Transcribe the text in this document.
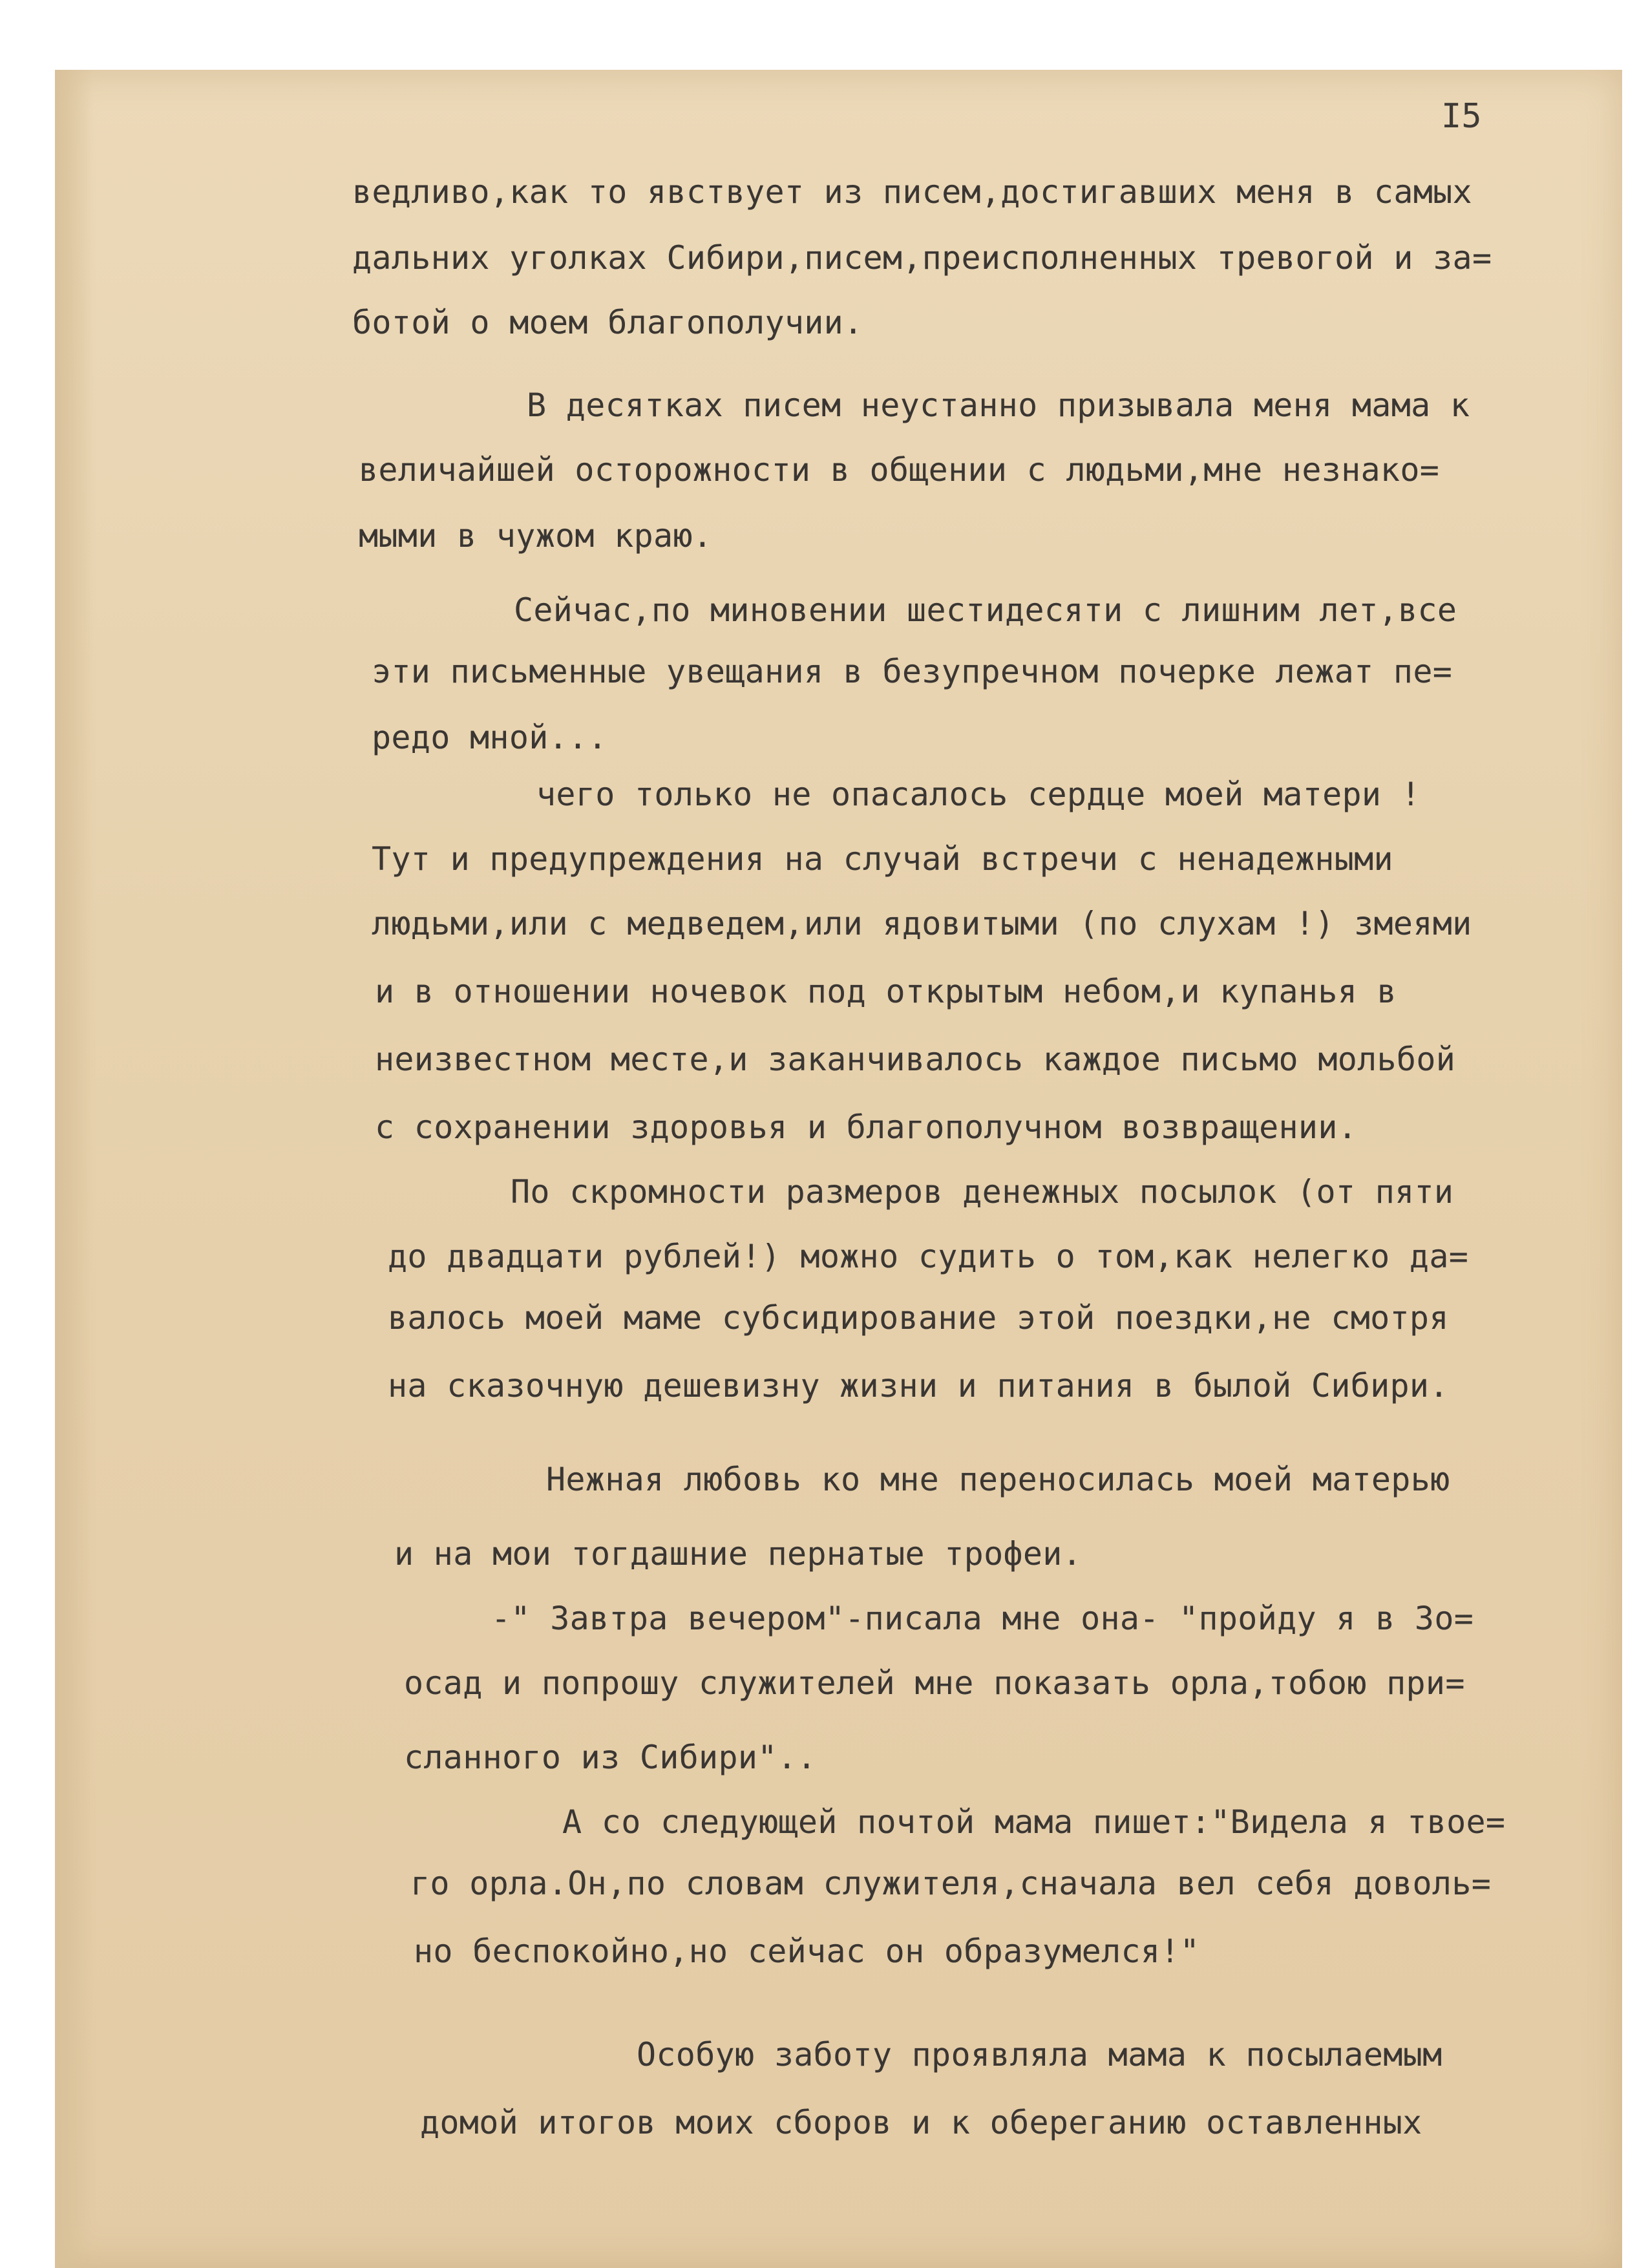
I5

ведливо,как то явствует из писем,достигавших меня в самых

дальних уголках Сибири,писем,преисполненных тревогой и за=

ботой о моем благополучии.

В десятках писем неустанно призывала меня мама к

величайшей осторожности в общении с людьми,мне незнако=

мыми в чужом краю.

Сейчас,по миновении шестидесяти с лишним лет,все

эти письменные увещания в безупречном почерке лежат пе=

редо мной...

чего только не опасалось сердце моей матери !

Тут и предупреждения на случай встречи с ненадежными

людьми,или с медведем,или ядовитыми (по слухам !) змеями

и в отношении ночевок под открытым небом,и купанья в

неизвестном месте,и заканчивалось каждое письмо мольбой

с сохранении здоровья и благополучном возвращении.

По скромности размеров денежных посылок (от пяти

до двадцати рублей!) можно судить о том,как нелегко да=

валось моей маме субсидирование этой поездки,не смотря

на сказочную дешевизну жизни и питания в былой Сибири.

Нежная любовь ко мне переносилась моей матерью

и на мои тогдашние пернатые трофеи.

-" Завтра вечером"-писала мне она- "пройду я в Зо=

осад и попрошу служителей мне показать орла,тобою при=

сланного из Сибири"..

А со следующей почтой мама пишет:"Видела я твое=

го орла.Он,по словам служителя,сначала вел себя доволь=

но беспокойно,но сейчас он образумелся!"

Особую заботу проявляла мама к посылаемым

домой итогов моих сборов и к обереганию оставленных
